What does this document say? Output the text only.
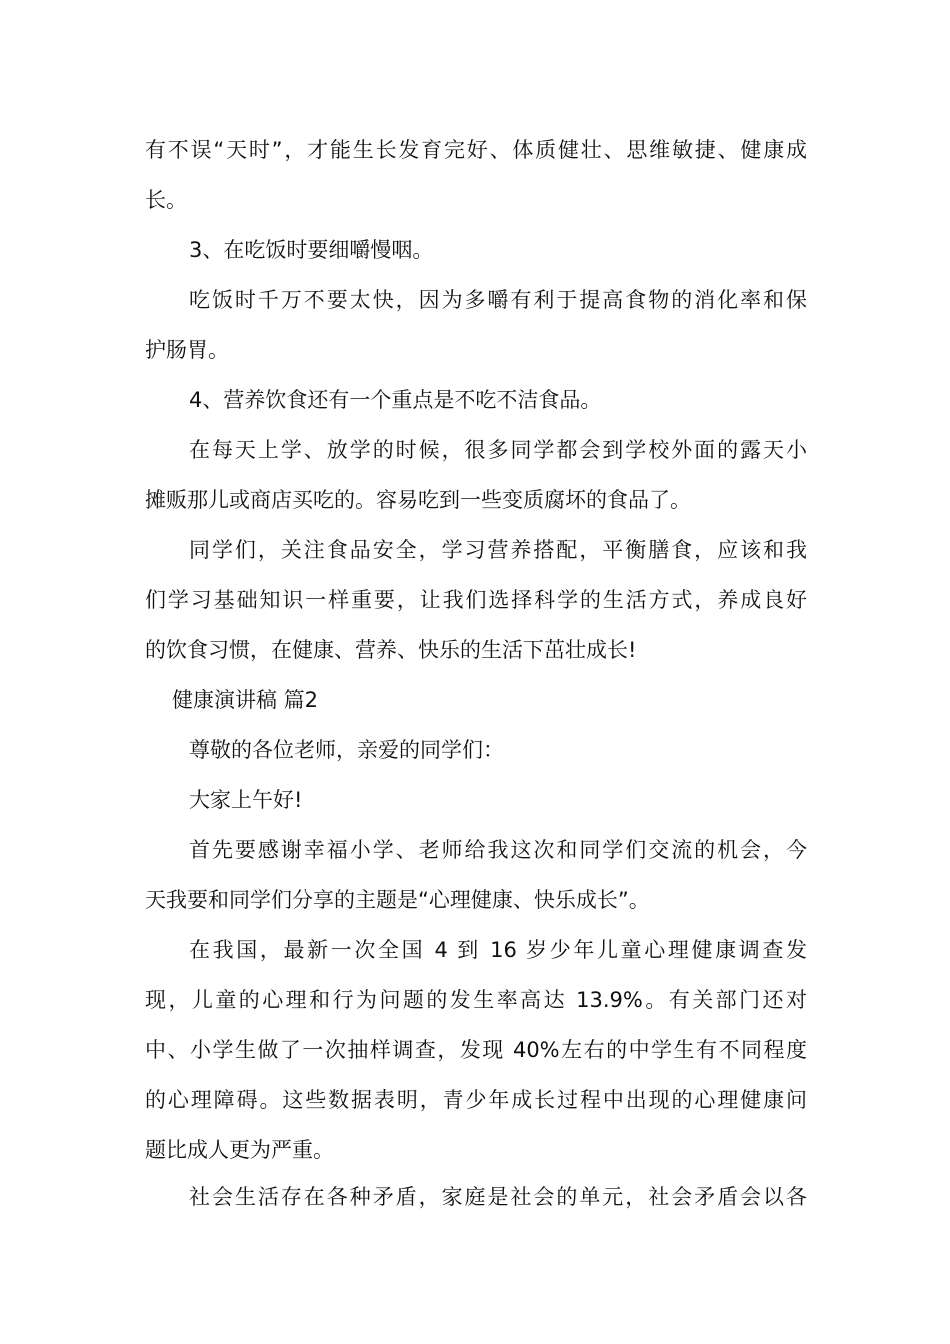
有不误“天时”，才能生长发育完好、体质健壮、思维敏捷、健康成
长。
3、在吃饭时要细嚼慢咽。
吃饭时千万不要太快，因为多嚼有利于提高食物的消化率和保
护肠胃。
4、营养饮食还有一个重点是不吃不洁食品。
在每天上学、放学的时候，很多同学都会到学校外面的露天小
摊贩那儿或商店买吃的。容易吃到一些变质腐坏的食品了。
同学们，关注食品安全，学习营养搭配，平衡膳食，应该和我
们学习基础知识一样重要，让我们选择科学的生活方式，养成良好
的饮食习惯，在健康、营养、快乐的生活下茁壮成长!
健康演讲稿 篇2
尊敬的各位老师，亲爱的同学们：
大家上午好!
首先要感谢幸福小学、老师给我这次和同学们交流的机会，今
天我要和同学们分享的主题是“心理健康、快乐成长”。
在我国，最新一次全国 4 到 16 岁少年儿童心理健康调查发
现，儿童的心理和行为问题的发生率高达 13.9%。有关部门还对
中、小学生做了一次抽样调查，发现 40%左右的中学生有不同程度
的心理障碍。这些数据表明，青少年成长过程中出现的心理健康问
题比成人更为严重。
社会生活存在各种矛盾，家庭是社会的单元，社会矛盾会以各
